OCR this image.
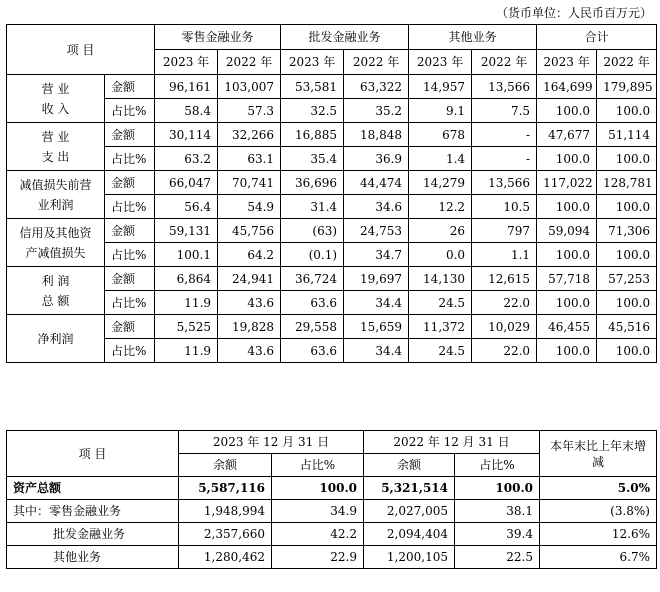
（货币单位：人民币百万元）
项 目		零售金融业务		批发金融业务		其他业务		合计	
		2023 年	2022 年	2023 年	2022 年	2023 年	2022 年	2023 年	2022 年
营 业
收 入	金额	96,161	103,007	53,581	63,322	14,957	13,566	164,699	179,895
	占比%	58.4	57.3	32.5	35.2	9.1	7.5	100.0	100.0
营 业
支 出	金额	30,114	32,266	16,885	18,848	678	-	47,677	51,114
	占比%	63.2	63.1	35.4	36.9	1.4	-	100.0	100.0
减值损失前营
业利润	金额	66,047	70,741	36,696	44,474	14,279	13,566	117,022	128,781
	占比%	56.4	54.9	31.4	34.6	12.2	10.5	100.0	100.0
信用及其他资
产减值损失	金额	59,131	45,756	(63)	24,753	26	797	59,094	71,306
	占比%	100.1	64.2	(0.1)	34.7	0.0	1.1	100.0	100.0
利 润
总 额	金额	6,864	24,941	36,724	19,697	14,130	12,615	57,718	57,253
	占比%	11.9	43.6	63.6	34.4	24.5	22.0	100.0	100.0
净利润	金额	5,525	19,828	29,558	15,659	11,372	10,029	46,455	45,516
	占比%	11.9	43.6	63.6	34.4	24.5	22.0	100.0	100.0
项 目	2023 年 12 月 31 日		2022 年 12 月 31 日		本年末比上年末增减
	余额	占比%	余额	占比%	
资产总额	5,587,116	100.0	5,321,514	100.0	5.0%
其中：零售金融业务	1,948,994	34.9	2,027,005	38.1	(3.8%)
批发金融业务	2,357,660	42.2	2,094,404	39.4	12.6%
其他业务	1,280,462	22.9	1,200,105	22.5	6.7%
